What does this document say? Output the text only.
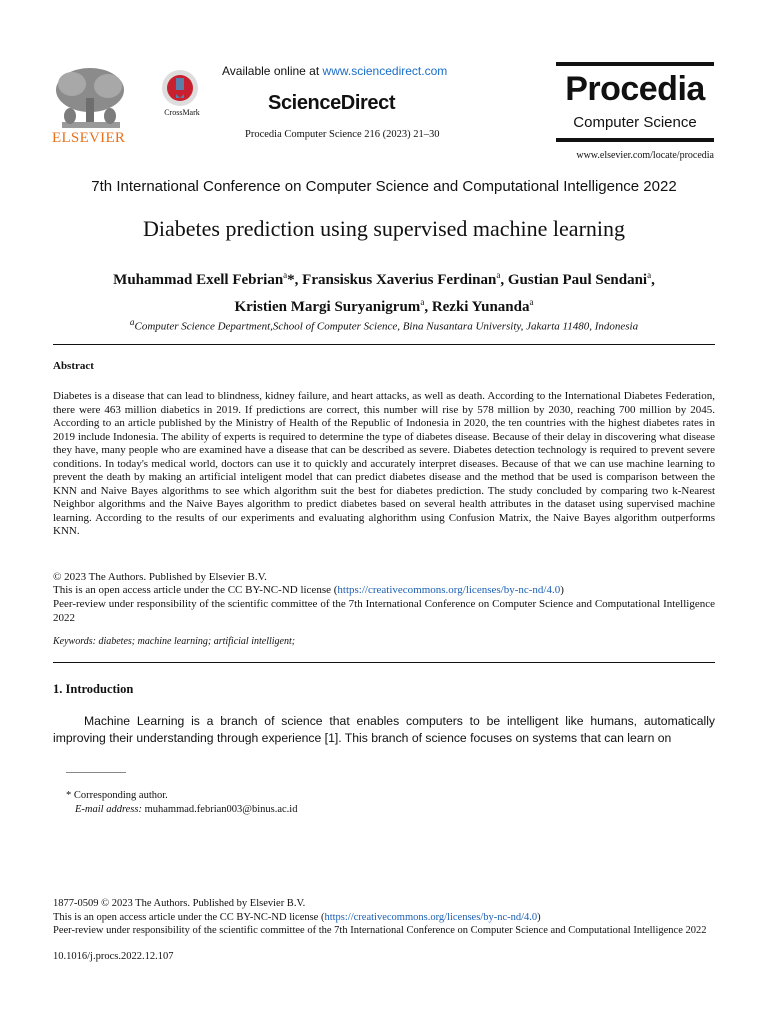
ELSEVIER
CrossMark
Available online at www.sciencedirect.com
ScienceDirect
Procedia Computer Science 216 (2023) 21–30
Procedia
Computer Science
www.elsevier.com/locate/procedia
7th International Conference on Computer Science and Computational Intelligence 2022
Diabetes prediction using supervised machine learning
Muhammad Exell Febrian$^a$*, Fransiskus Xaverius Ferdinan$^a$, Gustian Paul Sendani$^a$,
Kristien Margi Suryanigrum$^a$, Rezki Yunanda$^a$
$^a$Computer Science Department,School of Computer Science, Bina Nusantara University, Jakarta 11480, Indonesia
Abstract
Diabetes is a disease that can lead to blindness, kidney failure, and heart attacks, as well as death. According to the International Diabetes Federation, there were 463 million diabetics in 2019. If predictions are correct, this number will rise by 578 million by 2030, reaching 700 million by 2045. According to an article published by the Ministry of Health of the Republic of Indonesia in 2020, the ten countries with the highest diabetes rates in 2019 include Indonesia. The ability of experts is required to determine the type of diabetes disease. Because of their delay in discovering what disease they have, many people who are examined have a disease that can be described as severe. Diabetes detection technology is required to prevent severe conditions. In today's medical world, doctors can use it to quickly and accurately interpret diseases. Because of that we can use machine learning to prevent the death by making an artificial inteligent model that can predict diabetes disease and the method that be used is comparison between the KNN and Naive Bayes algorithms to see which algorithm suit the best for diabetes prediction. The study concluded by comparing two k-Nearest Neighbor algorithms and the Naive Bayes algorithm to predict diabetes based on several health attributes in the dataset using supervised machine learning. According to the results of our experiments and evaluating alghorithm using Confusion Matrix, the Naive Bayes algorithm outperforms KNN.
© 2023 The Authors. Published by Elsevier B.V.
This is an open access article under the CC BY-NC-ND license (https://creativecommons.org/licenses/by-nc-nd/4.0)
Peer-review under responsibility of the scientific committee of the 7th International Conference on Computer Science and Computational Intelligence 2022
Keywords: diabetes; machine learning; artificial intelligent;
1. Introduction
Machine Learning is a branch of science that enables computers to be intelligent like humans, automatically improving their understanding through experience [1]. This branch of science focuses on systems that can learn on
* Corresponding author.
E-mail address: muhammad.febrian003@binus.ac.id
1877-0509 © 2023 The Authors. Published by Elsevier B.V.
This is an open access article under the CC BY-NC-ND license (https://creativecommons.org/licenses/by-nc-nd/4.0)
Peer-review under responsibility of the scientific committee of the 7th International Conference on Computer Science and Computational Intelligence 2022
10.1016/j.procs.2022.12.107
